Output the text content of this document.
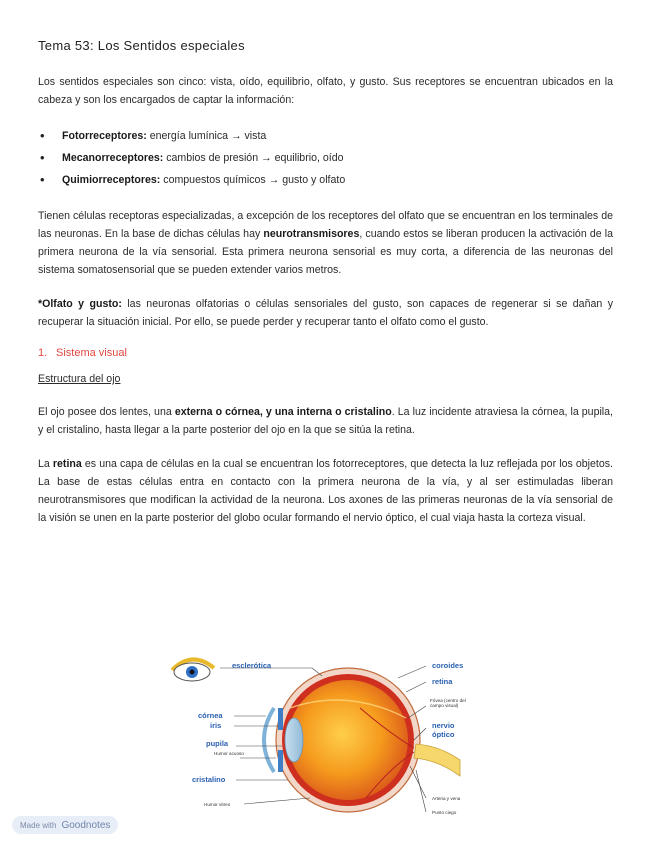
Tema 53: Los Sentidos especiales

Los sentidos especiales son cinco: vista, oído, equilibrio, olfato, y gusto. Sus receptores se encuentran ubicados en la cabeza y son los encargados de captar la información:

• Fotorreceptores: energía lumínica → vista
• Mecanorreceptores: cambios de presión → equilibrio, oído
• Quimiorreceptores: compuestos químicos → gusto y olfato

Tienen células receptoras especializadas, a excepción de los receptores del olfato que se encuentran en los terminales de las neuronas. En la base de dichas células hay neurotransmisores, cuando estos se liberan producen la activación de la primera neurona de la vía sensorial. Esta primera neurona sensorial es muy corta, a diferencia de las neuronas del sistema somatosensorial que se pueden extender varios metros.

*Olfato y gusto: las neuronas olfatorias o células sensoriales del gusto, son capaces de regenerar si se dañan y recuperar la situación inicial. Por ello, se puede perder y recuperar tanto el olfato como el gusto.

1. Sistema visual
Estructura del ojo

El ojo posee dos lentes, una externa o córnea, y una interna o cristalino. La luz incidente atraviesa la córnea, la pupila, y el cristalino, hasta llegar a la parte posterior del ojo en la que se sitúa la retina.

La retina es una capa de células en la cual se encuentran los fotorreceptores, que detecta la luz reflejada por los objetos. La base de estas células entra en contacto con la primera neurona de la vía, y al ser estimuladas liberan neurotransmisores que modifican la actividad de la neurona. Los axones de las primeras neuronas de la vía sensorial de la visión se unen en la parte posterior del globo ocular formando el nervio óptico, el cual viaja hasta la corteza visual.

esclerótica
córnea
iris
pupila
Humor acuoso
cristalino
Humor vitreo
coroides
retina
Fóvea (centro del campo visual)
nervio
óptico
Arteria y vena
Punto ciego
Made with Goodnotes
